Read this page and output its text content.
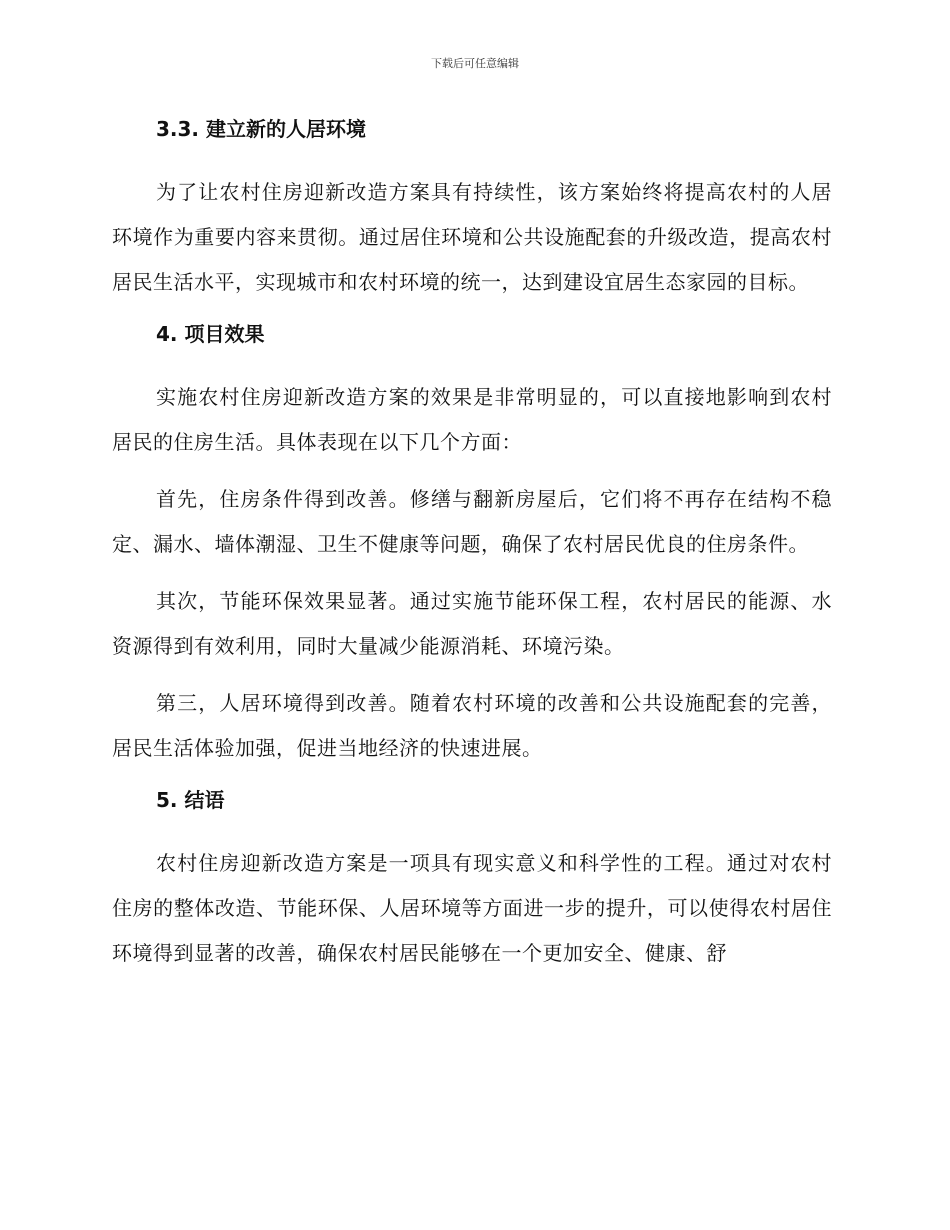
下载后可任意编辑
3.3. 建立新的人居环境

为了让农村住房迎新改造方案具有持续性，该方案始终将提高农村的人居环境作为重要内容来贯彻。通过居住环境和公共设施配套的升级改造，提高农村居民生活水平，实现城市和农村环境的统一，达到建设宜居生态家园的目标。

4. 项目效果

实施农村住房迎新改造方案的效果是非常明显的，可以直接地影响到农村居民的住房生活。具体表现在以下几个方面：

首先，住房条件得到改善。修缮与翻新房屋后，它们将不再存在结构不稳定、漏水、墙体潮湿、卫生不健康等问题，确保了农村居民优良的住房条件。

其次，节能环保效果显著。通过实施节能环保工程，农村居民的能源、水资源得到有效利用，同时大量减少能源消耗、环境污染。

第三，人居环境得到改善。随着农村环境的改善和公共设施配套的完善，居民生活体验加强，促进当地经济的快速进展。

5. 结语

农村住房迎新改造方案是一项具有现实意义和科学性的工程。通过对农村住房的整体改造、节能环保、人居环境等方面进一步的提升，可以使得农村居住环境得到显著的改善，确保农村居民能够在一个更加安全、健康、舒
